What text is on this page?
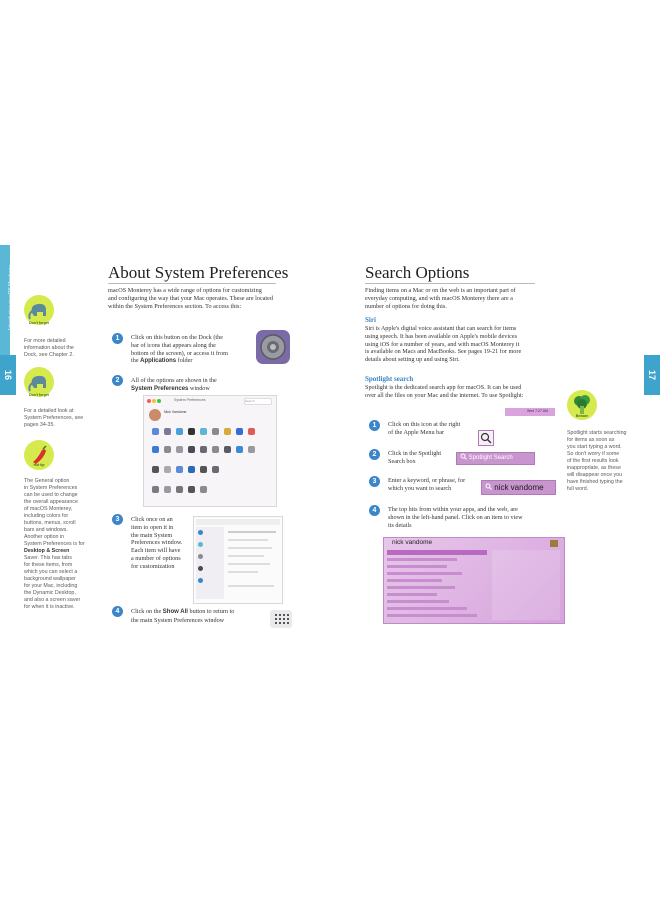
Introducing macOS Monterey
16
About System Preferences
macOS Monterey has a wide range of options for customizing
and configuring the way that your Mac operates. These are located
within the System Preferences section. To access this:
Don't forget
For more detailed
information about the
Dock, see Chapter 2.
Don't forget
For a detailed look at
System Preferences, see
pages 34-35.
Hot tip
The General option
in System Preferences
can be used to change
the overall appearance
of macOS Monterey,
including colors for
buttons, menus, scroll
bars and windows.
Another option in
System Preferences is for
Desktop & Screen
Saver. This has tabs
for these items, from
which you can select a
background wallpaper
for your Mac, including
the Dynamic Desktop,
and also a screen saver
for when it is inactive.
1	Click on this button on the Dock (the
bar of icons that appears along the
bottom of the screen), or access it from
the Applications folder
2	All of the options are shown in the
System Preferences window
System Preferences	Search
Nick Vandome
3	Click once on an
item to open it in
the main System
Preferences window.
Each item will have
a number of options
for customization
4	Click on the Show All button to return to
the main System Preferences window
17
Search Options
Finding items on a Mac or on the web is an important part of
everyday computing, and with macOS Monterey there are a
number of options for doing this.
Siri
Siri is Apple's digital voice assistant that can search for items
using speech. It has been available on Apple's mobile devices
using iOS for a number of years, and with macOS Monterey it
is available on Macs and MacBooks. See pages 19-21 for more
details about setting up and using Siri.
Spotlight search
Spotlight is the dedicated search app for macOS. It can be used
over all the files on your Mac and the internet. To use Spotlight:
Beware
Spotlight starts searching
for items as soon as
you start typing a word.
So don't worry if some
of the first results look
inappropriate, as these
will disappear once you
have finished typing the
full word.
Wed 7:27 AM
1	Click on this icon at the right
of the Apple Menu bar
2	Click in the Spotlight
Search box	Spotlight Search
3	Enter a keyword, or phrase, for
which you want to search	nick vandome
4	The top hits from within your apps, and the web, are
shown in the left-hand panel. Click on an item to view
its details
nick vandome
